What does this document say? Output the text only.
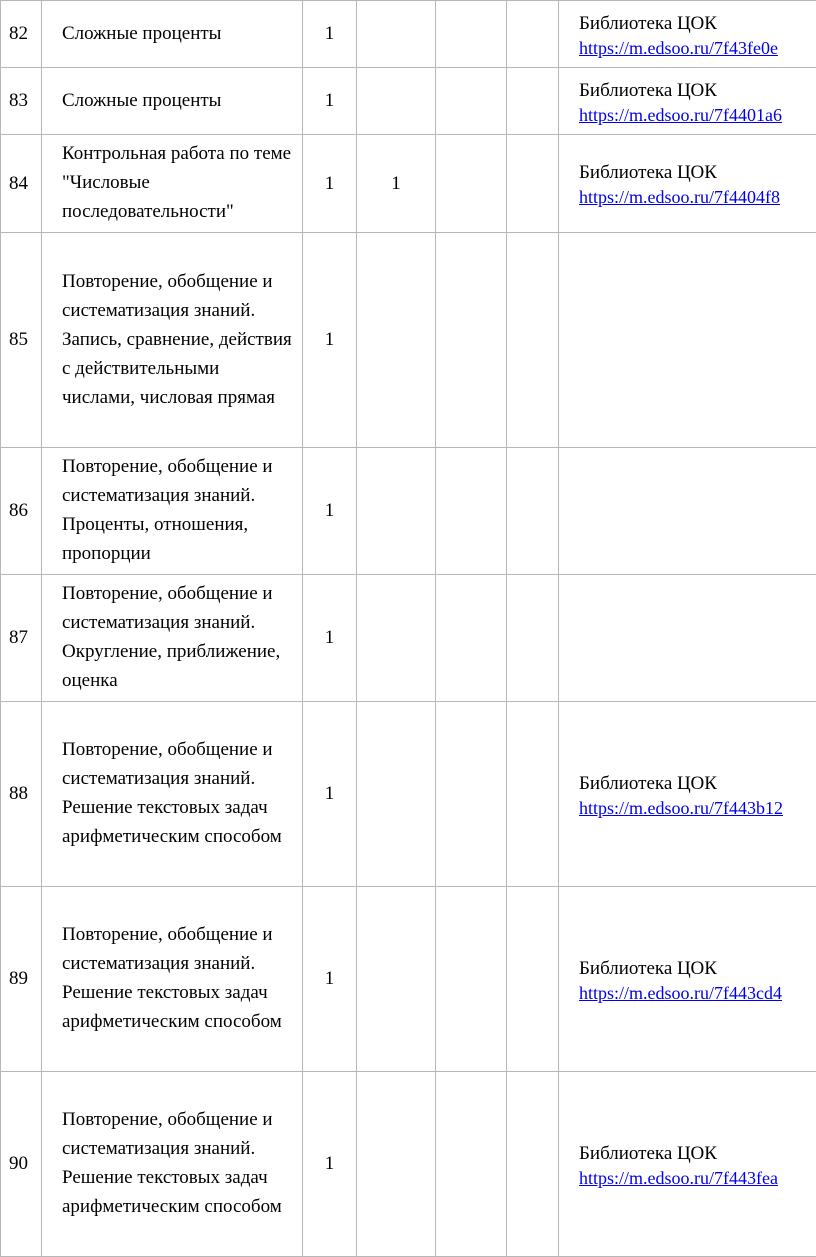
82	Сложные проценты	1				Библиотека ЦОК
https://m.edsoo.ru/7f43fe0e

83	Сложные проценты	1				Библиотека ЦОК
https://m.edsoo.ru/7f4401a6

84	Контрольная работа по теме "Числовые последовательности"	1	1			Библиотека ЦОК
https://m.edsoo.ru/7f4404f8

85	Повторение, обобщение и систематизация знаний. Запись, сравнение, действия с действительными числами, числовая прямая	1				
86	Повторение, обобщение и систематизация знаний. Проценты, отношения, пропорции	1				
87	Повторение, обобщение и систематизация знаний. Округление, приближение, оценка	1				
88	Повторение, обобщение и систематизация знаний. Решение текстовых задач арифметическим способом	1				Библиотека ЦОК
https://m.edsoo.ru/7f443b12

89	Повторение, обобщение и систематизация знаний. Решение текстовых задач арифметическим способом	1				Библиотека ЦОК
https://m.edsoo.ru/7f443cd4

90	Повторение, обобщение и систематизация знаний. Решение текстовых задач арифметическим способом	1				Библиотека ЦОК
https://m.edsoo.ru/7f443fea
